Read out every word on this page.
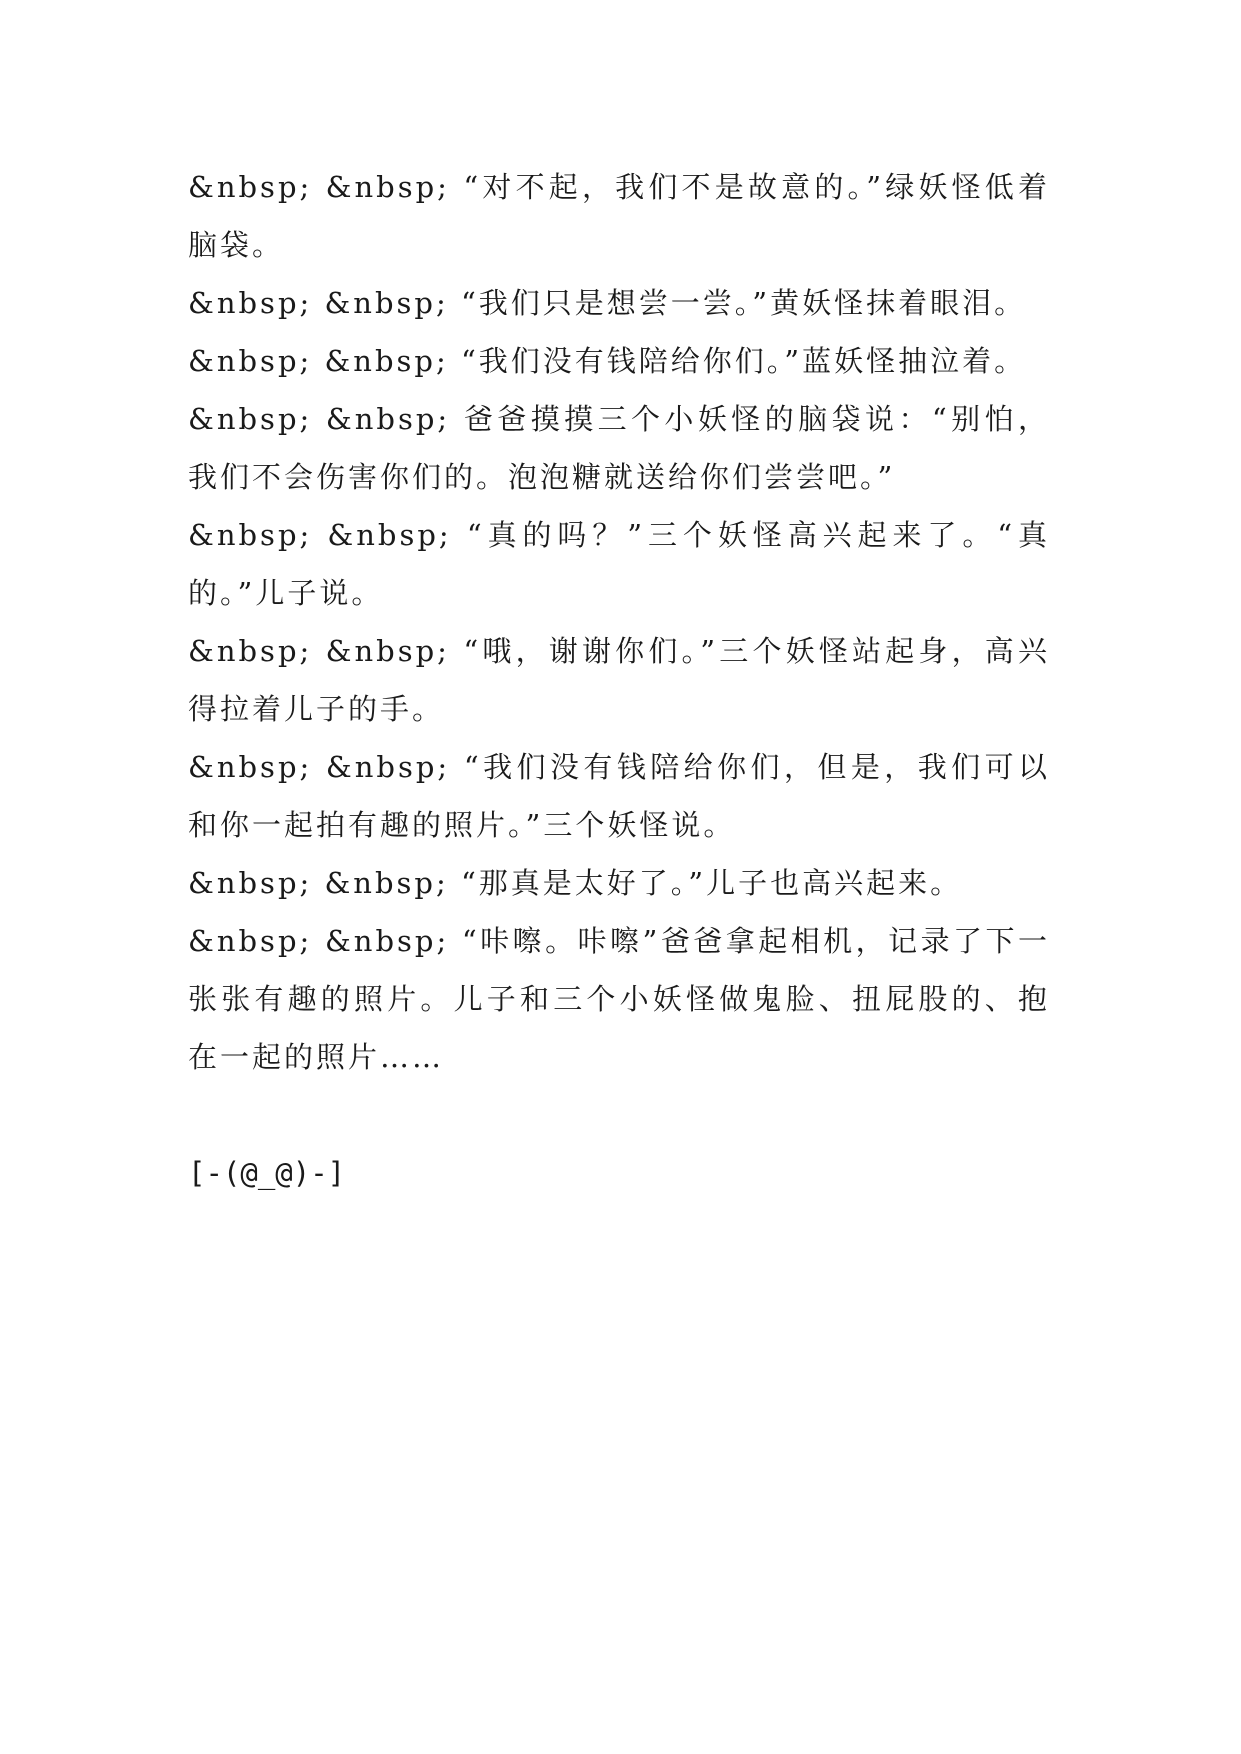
&nbsp; &nbsp; “对不起，我们不是故意的。”绿妖怪低着脑袋。

&nbsp; &nbsp; “我们只是想尝一尝。”黄妖怪抹着眼泪。

&nbsp; &nbsp; “我们没有钱陪给你们。”蓝妖怪抽泣着。

&nbsp; &nbsp; 爸爸摸摸三个小妖怪的脑袋说：“别怕，我们不会伤害你们的。泡泡糖就送给你们尝尝吧。”

&nbsp; &nbsp; “真的吗？”三个妖怪高兴起来了。“真的。”儿子说。

&nbsp; &nbsp; “哦，谢谢你们。”三个妖怪站起身，高兴得拉着儿子的手。

&nbsp; &nbsp; “我们没有钱陪给你们，但是，我们可以和你一起拍有趣的照片。”三个妖怪说。

&nbsp; &nbsp; “那真是太好了。”儿子也高兴起来。

&nbsp; &nbsp; “咔嚓。咔嚓”爸爸拿起相机，记录了下一张张有趣的照片。儿子和三个小妖怪做鬼脸、扭屁股的、抱在一起的照片……

[-(@_@)-]
